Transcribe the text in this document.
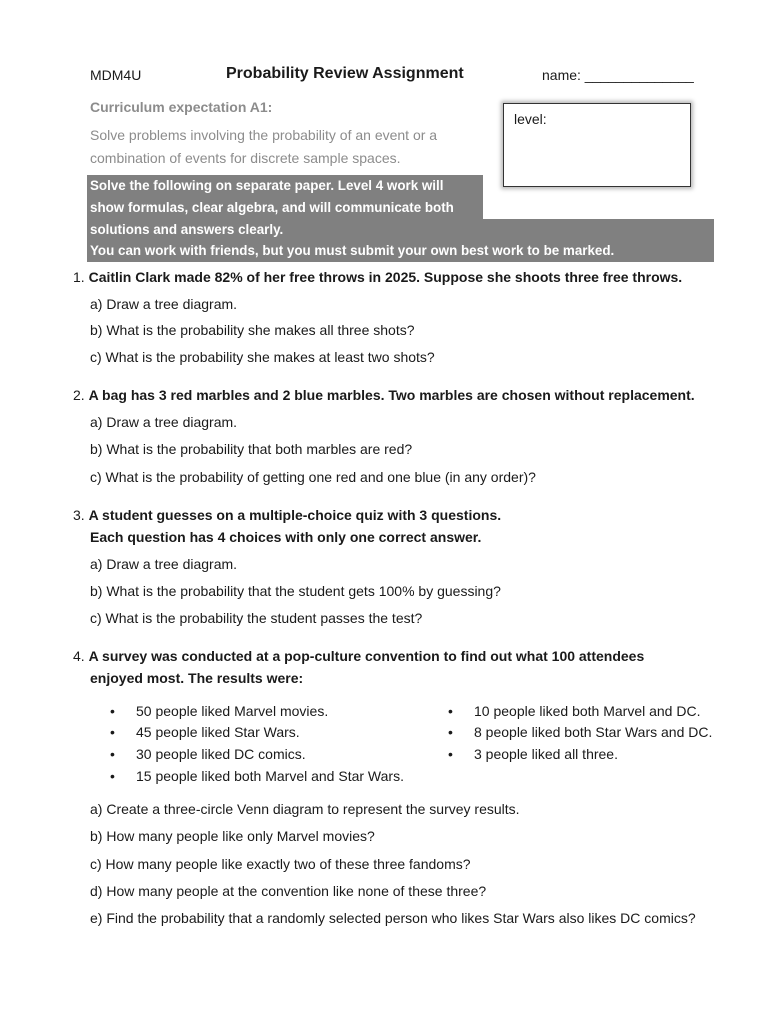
MDM4U	Probability Review Assignment	name: ______________
Curriculum expectation A1:
Solve problems involving the probability of an event or a
combination of events for discrete sample spaces.
level:
Solve the following on separate paper. Level 4 work will
show formulas, clear algebra, and will communicate both
solutions and answers clearly.
You can work with friends, but you must submit your own best work to be marked.
1. Caitlin Clark made 82% of her free throws in 2025. Suppose she shoots three free throws.
a) Draw a tree diagram.
b) What is the probability she makes all three shots?
c) What is the probability she makes at least two shots?
2. A bag has 3 red marbles and 2 blue marbles. Two marbles are chosen without replacement.
a) Draw a tree diagram.
b) What is the probability that both marbles are red?
c) What is the probability of getting one red and one blue (in any order)?
3. A student guesses on a multiple-choice quiz with 3 questions.
Each question has 4 choices with only one correct answer.
a) Draw a tree diagram.
b) What is the probability that the student gets 100% by guessing?
c) What is the probability the student passes the test?
4. A survey was conducted at a pop-culture convention to find out what 100 attendees
enjoyed most. The results were:
• 50 people liked Marvel movies.
• 45 people liked Star Wars.
• 30 people liked DC comics.
• 15 people liked both Marvel and Star Wars.
• 10 people liked both Marvel and DC.
• 8 people liked both Star Wars and DC.
• 3 people liked all three.
a) Create a three-circle Venn diagram to represent the survey results.
b) How many people like only Marvel movies?
c) How many people like exactly two of these three fandoms?
d) How many people at the convention like none of these three?
e) Find the probability that a randomly selected person who likes Star Wars also likes DC comics?
